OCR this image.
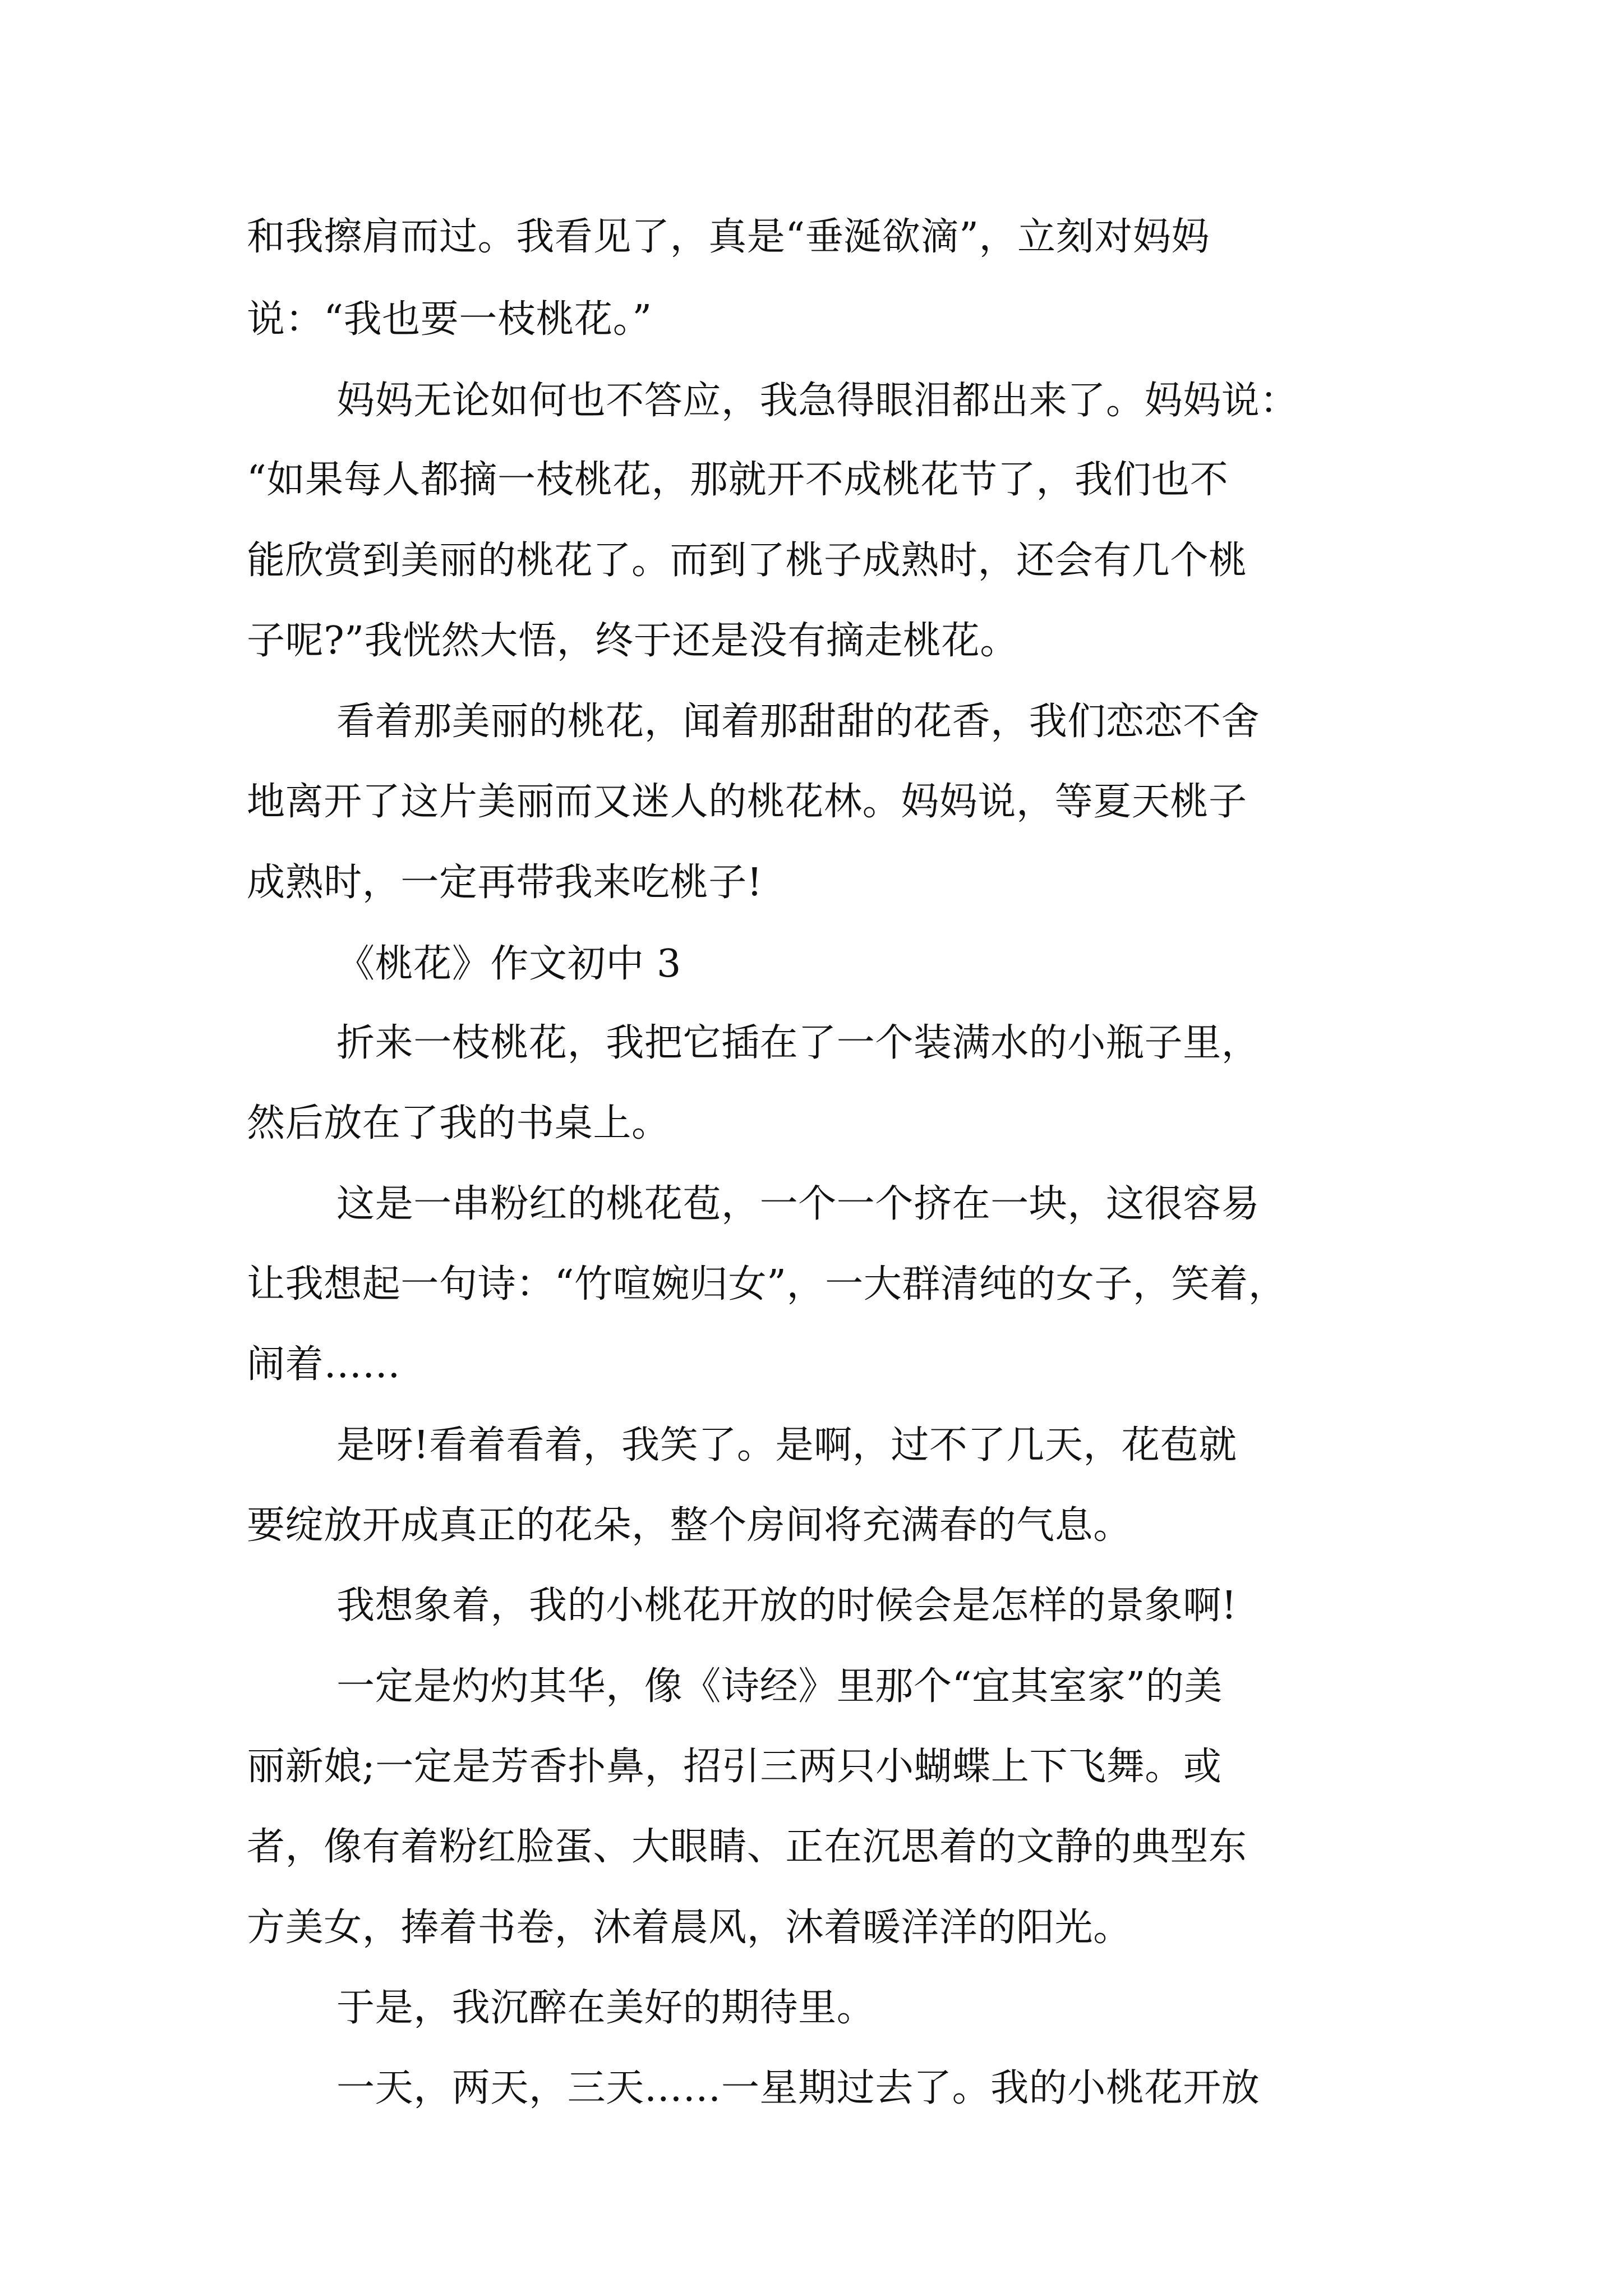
和我擦肩而过。我看见了，真是“垂涎欲滴”，立刻对妈妈
说：“我也要一枝桃花。”
妈妈无论如何也不答应，我急得眼泪都出来了。妈妈说：
“如果每人都摘一枝桃花，那就开不成桃花节了，我们也不
能欣赏到美丽的桃花了。而到了桃子成熟时，还会有几个桃
子呢?”我恍然大悟，终于还是没有摘走桃花。
看着那美丽的桃花，闻着那甜甜的花香，我们恋恋不舍
地离开了这片美丽而又迷人的桃花林。妈妈说，等夏天桃子
成熟时，一定再带我来吃桃子!
《桃花》作文初中 3
折来一枝桃花，我把它插在了一个装满水的小瓶子里，
然后放在了我的书桌上。
这是一串粉红的桃花苞，一个一个挤在一块，这很容易
让我想起一句诗：“竹喧婉归女”，一大群清纯的女子，笑着，
闹着……
是呀!看着看着，我笑了。是啊，过不了几天，花苞就
要绽放开成真正的花朵，整个房间将充满春的气息。
我想象着，我的小桃花开放的时候会是怎样的景象啊!
一定是灼灼其华，像《诗经》里那个“宜其室家”的美
丽新娘;一定是芳香扑鼻，招引三两只小蝴蝶上下飞舞。或
者，像有着粉红脸蛋、大眼睛、正在沉思着的文静的典型东
方美女，捧着书卷，沐着晨风，沐着暖洋洋的阳光。
于是，我沉醉在美好的期待里。
一天，两天，三天……一星期过去了。我的小桃花开放
